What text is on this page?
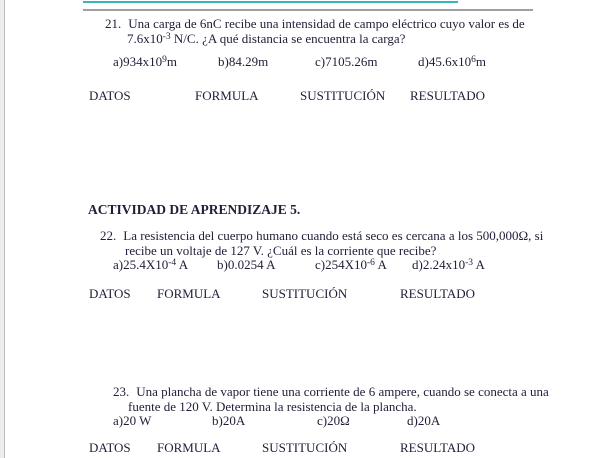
21. Una carga de 6nC recibe una intensidad de campo eléctrico cuyo valor es de
$7.6x10^{-3}$ N/C. ¿A qué distancia se encuentra la carga?
$a)934x10^9m$	b)84.29m	c)7105.26m	$d)45.6x10^6m$
DATOS	FORMULA	SUSTITUCIÓN RESULTADO
ACTIVIDAD DE APRENDIZAJE 5.
22. La resistencia del cuerpo humano cuando está seco es cercana a los 500,000Ω, si
recibe un voltaje de 127 V. ¿Cuál es la corriente que recibe?
$a)25.4X10^{-4}$ A b)0.0254 A	$c)254X10^{-6}$ A $d)2.24x10^{-3}$ A
DATOS FORMULA	SUSTITUCIÓN	RESULTADO
23. Una plancha de vapor tiene una corriente de 6 ampere, cuando se conecta a una
fuente de 120 V. Determina la resistencia de la plancha.
a)20 W	b)20A	c)20Ω	d)20A
DATOS FORMULA	SUSTITUCIÓN	RESULTADO
